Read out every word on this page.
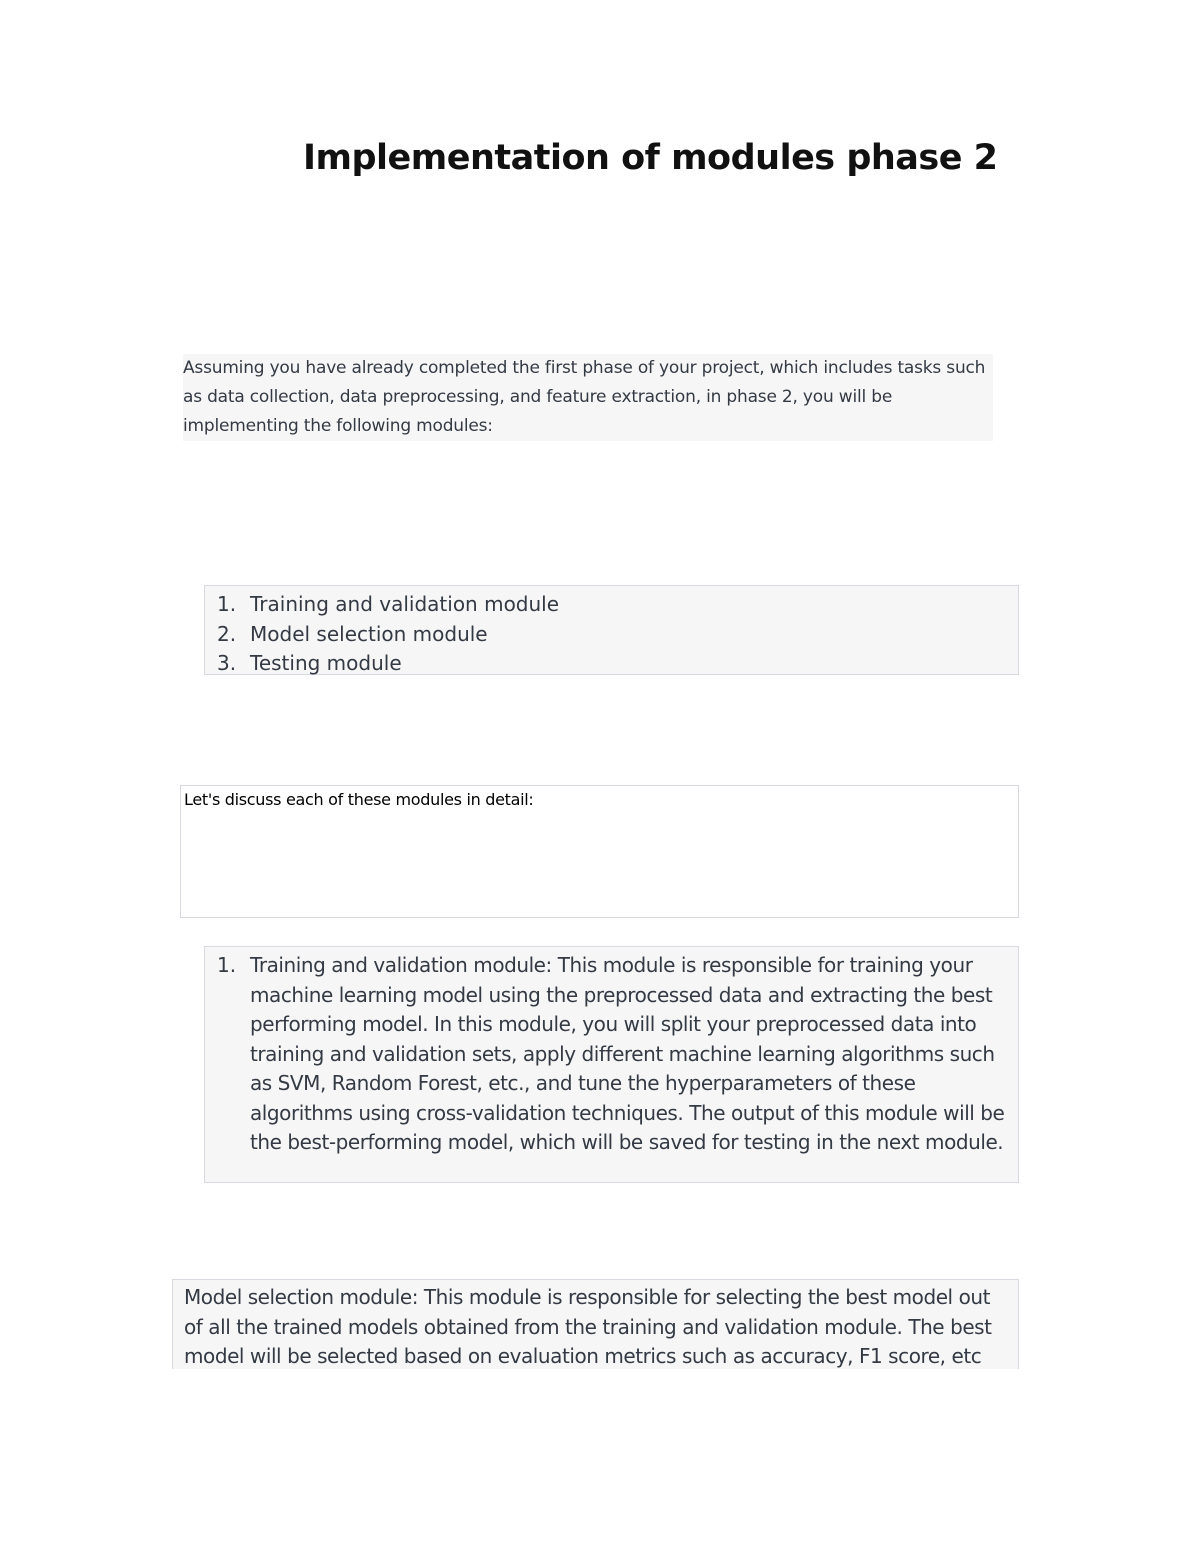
Implementation of modules phase 2
Assuming you have already completed the first phase of your project, which includes tasks such as data collection, data preprocessing, and feature extraction, in phase 2, you will be implementing the following modules:
1. Training and validation module
2. Model selection module
3. Testing module
Let's discuss each of these modules in detail:
1. Training and validation module: This module is responsible for training your machine learning model using the preprocessed data and extracting the best performing model. In this module, you will split your preprocessed data into training and validation sets, apply different machine learning algorithms such as SVM, Random Forest, etc., and tune the hyperparameters of these algorithms using cross-validation techniques. The output of this module will be the best-performing model, which will be saved for testing in the next module.
Model selection module: This module is responsible for selecting the best model out of all the trained models obtained from the training and validation module. The best model will be selected based on evaluation metrics such as accuracy, F1 score, etc
